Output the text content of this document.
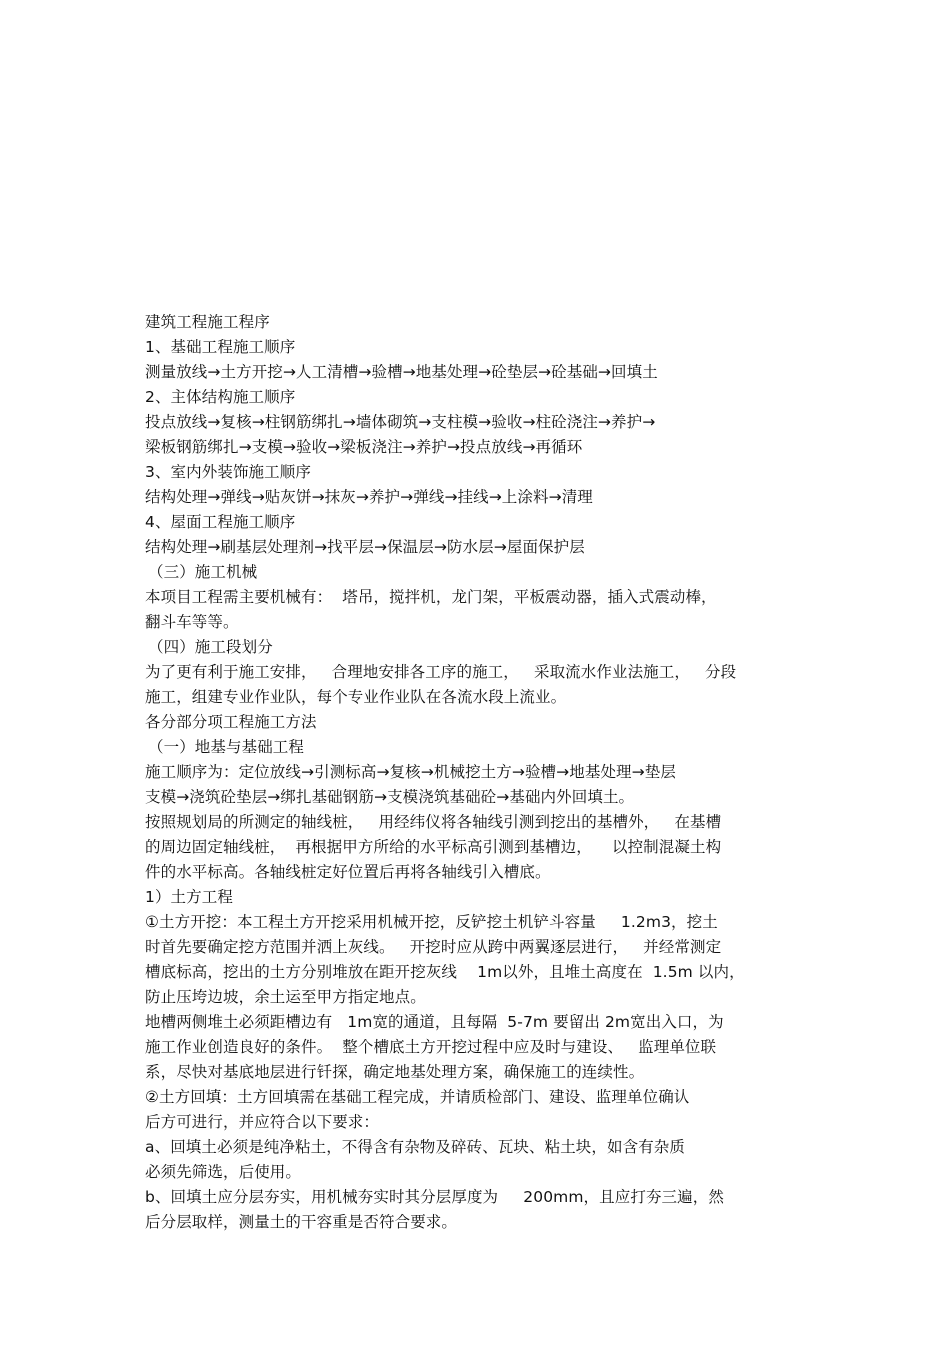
建筑工程施工程序
1、基础工程施工顺序
测量放线→土方开挖→人工清槽→验槽→地基处理→砼垫层→砼基础→回填土
2、主体结构施工顺序
投点放线→复核→柱钢筋绑扎→墙体砌筑→支柱模→验收→柱砼浇注→养护→
梁板钢筋绑扎→支模→验收→梁板浇注→养护→投点放线→再循环
3、室内外装饰施工顺序
结构处理→弹线→贴灰饼→抹灰→养护→弹线→挂线→上涂料→清理
4、屋面工程施工顺序
结构处理→刷基层处理剂→找平层→保温层→防水层→屋面保护层
（三）施工机械
本项目工程需主要机械有：  塔吊，搅拌机，龙门架，平板震动器，插入式震动棒，
翻斗车等等。
（四）施工段划分
为了更有利于施工安排，   合理地安排各工序的施工，   采取流水作业法施工，   分段
施工，组建专业作业队，每个专业作业队在各流水段上流业。
各分部分项工程施工方法
（一）地基与基础工程
施工顺序为：定位放线→引测标高→复核→机械挖土方→验槽→地基处理→垫层
支模→浇筑砼垫层→绑扎基础钢筋→支模浇筑基础砼→基础内外回填土。
按照规划局的所测定的轴线桩，   用经纬仪将各轴线引测到挖出的基槽外，   在基槽
的周边固定轴线桩，  再根据甲方所给的水平标高引测到基槽边，    以控制混凝土构
件的水平标高。各轴线桩定好位置后再将各轴线引入槽底。
1）土方工程
①土方开挖：本工程土方开挖采用机械开挖，反铲挖土机铲斗容量     1.2m3，挖土
时首先要确定挖方范围并洒上灰线。   开挖时应从跨中两翼逐层进行，   并经常测定
槽底标高，挖出的土方分别堆放在距开挖灰线    1m以外，且堆土高度在  1.5m 以内，
防止压垮边坡，余土运至甲方指定地点。
地槽两侧堆土必须距槽边有   1m宽的通道，且每隔  5-7m 要留出 2m宽出入口，为
施工作业创造良好的条件。  整个槽底土方开挖过程中应及时与建设、   监理单位联
系，尽快对基底地层进行钎探，确定地基处理方案，确保施工的连续性。
②土方回填：土方回填需在基础工程完成，并请质检部门、建设、监理单位确认
后方可进行，并应符合以下要求：
a、回填土必须是纯净粘土，不得含有杂物及碎砖、瓦块、粘土块，如含有杂质
必须先筛选，后使用。
b、回填土应分层夯实，用机械夯实时其分层厚度为     200mm，且应打夯三遍，然
后分层取样，测量土的干容重是否符合要求。
